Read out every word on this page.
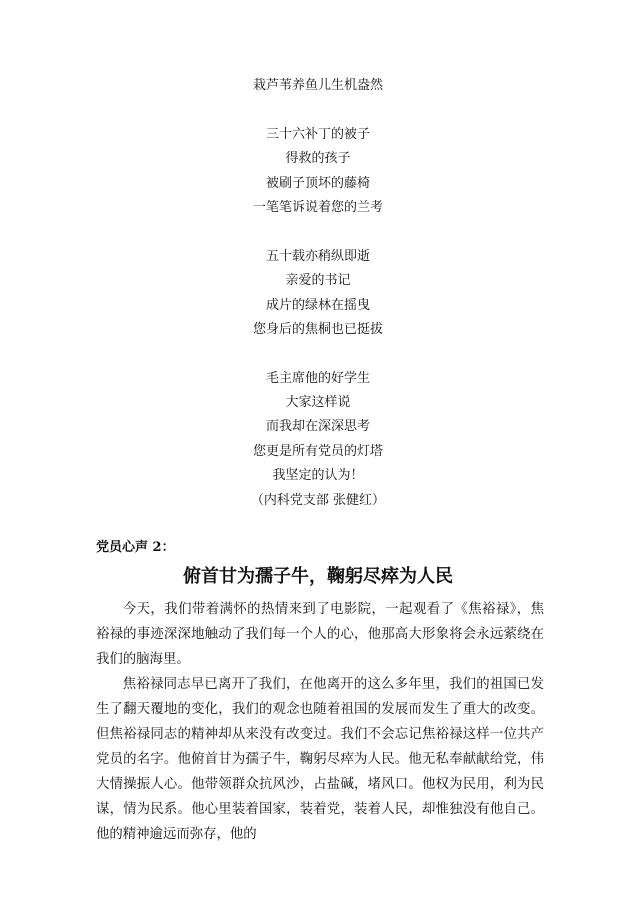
栽芦苇养鱼儿生机盎然
三十六补丁的被子
得救的孩子
被刷子顶坏的藤椅
一笔笔诉说着您的兰考
五十载亦稍纵即逝
亲爱的书记
成片的绿林在摇曳
您身后的焦桐也已挺拔
毛主席他的好学生
大家这样说
而我却在深深思考
您更是所有党员的灯塔
我坚定的认为！
（内科党支部 张健红）
党员心声 2：
俯首甘为孺子牛，鞠躬尽瘁为人民

今天，我们带着满怀的热情来到了电影院，一起观看了《焦裕禄》，焦裕禄的事迹深深地触动了我们每一个人的心，他那高大形象将会永远萦绕在我们的脑海里。

焦裕禄同志早已离开了我们，在他离开的这么多年里，我们的祖国已发生了翻天覆地的变化，我们的观念也随着祖国的发展而发生了重大的改变。但焦裕禄同志的精神却从来没有改变过。我们不会忘记焦裕禄这样一位共产党员的名字。他俯首甘为孺子牛，鞠躬尽瘁为人民。他无私奉献献给党，伟大情操振人心。他带领群众抗风沙，占盐碱，堵风口。他权为民用，利为民谋，情为民系。他心里装着国家，装着党，装着人民，却惟独没有他自己。他的精神逾远而弥存，他的
